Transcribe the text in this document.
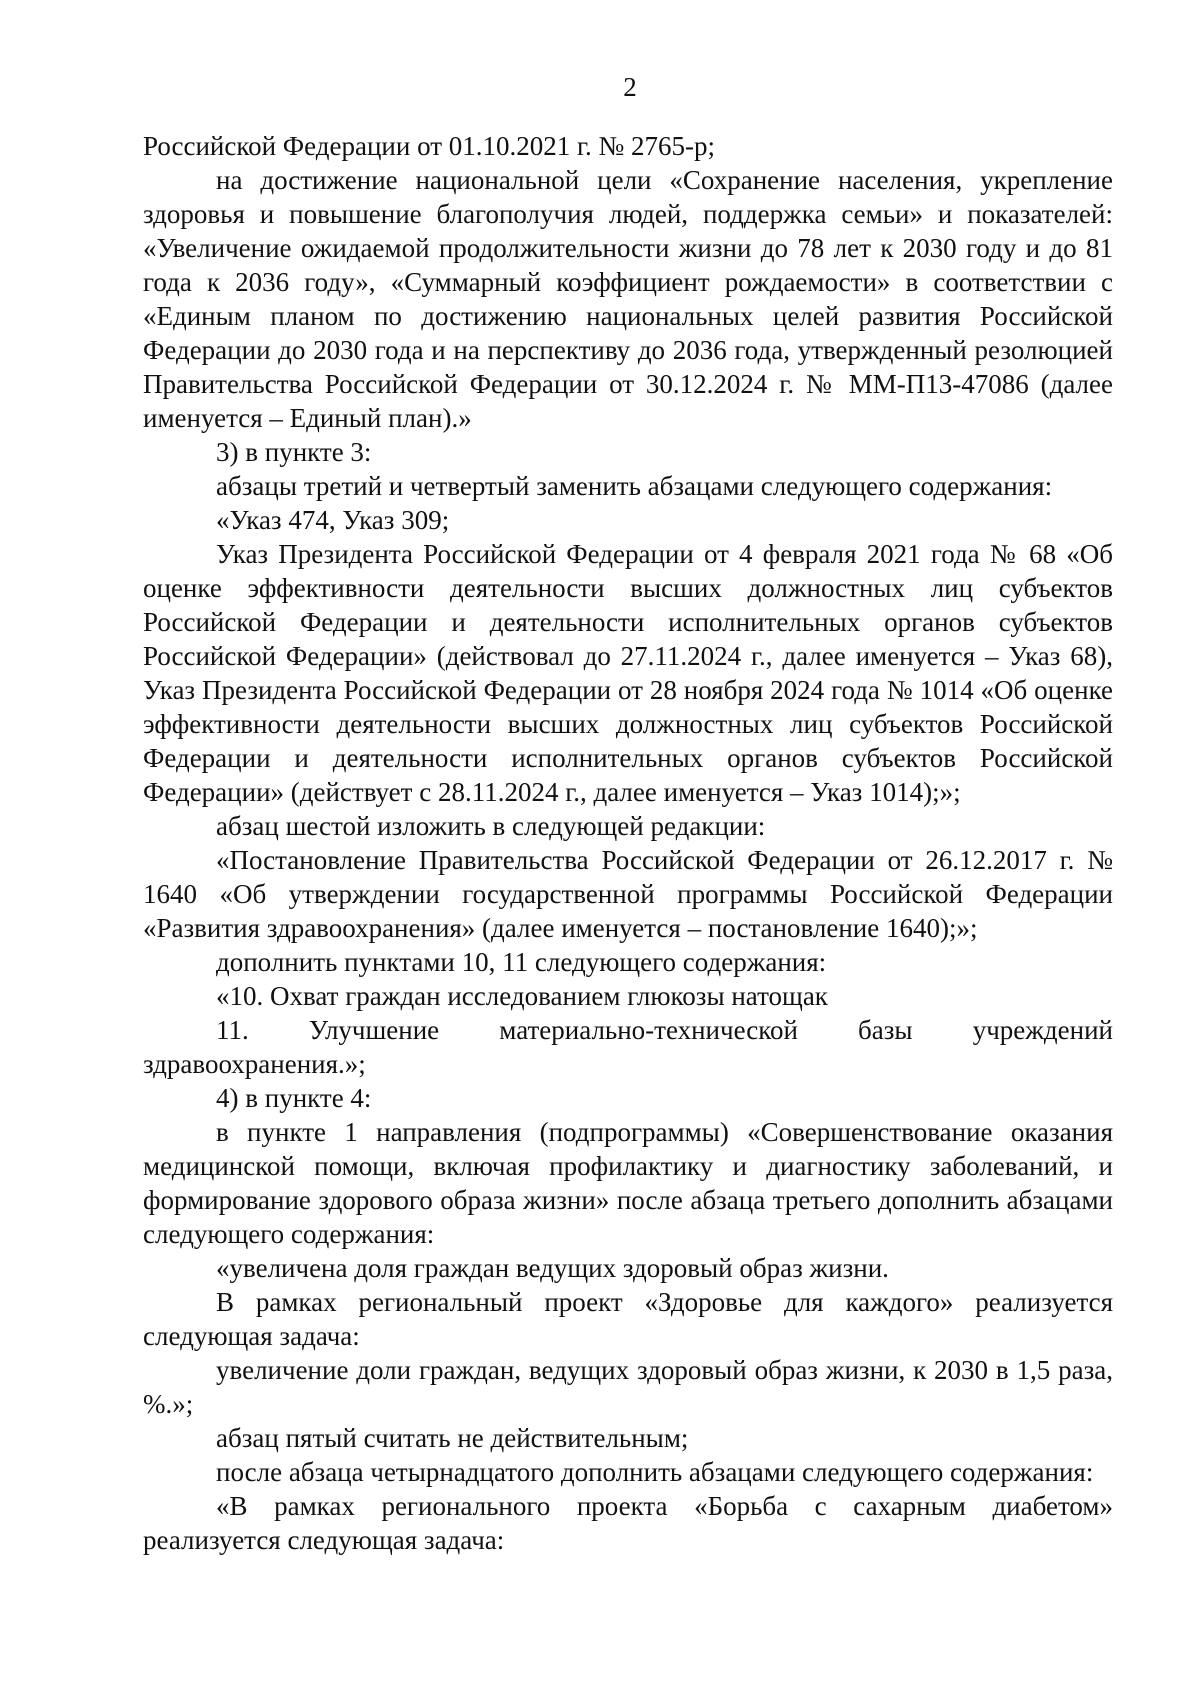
2

Российской Федерации от 01.10.2021 г. № 2765-р;

на достижение национальной цели «Сохранение населения, укрепление здоровья и повышение благополучия людей, поддержка семьи» и показателей: «Увеличение ожидаемой продолжительности жизни до 78 лет к 2030 году и до 81 года к 2036 году», «Суммарный коэффициент рождаемости» в соответствии с «Единым планом по достижению национальных целей развития Российской Федерации до 2030 года и на перспективу до 2036 года, утвержденный резолюцией Правительства Российской Федерации от 30.12.2024 г. № ММ-П13-47086 (далее именуется – Единый план).»

3) в пункте 3:

абзацы третий и четвертый заменить абзацами следующего содержания:

«Указ 474, Указ 309;

Указ Президента Российской Федерации от 4 февраля 2021 года № 68 «Об оценке эффективности деятельности высших должностных лиц субъектов Российской Федерации и деятельности исполнительных органов субъектов Российской Федерации» (действовал до 27.11.2024 г., далее именуется – Указ 68), Указ Президента Российской Федерации от 28 ноября 2024 года № 1014 «Об оценке эффективности деятельности высших должностных лиц субъектов Российской Федерации и деятельности исполнительных органов субъектов Российской Федерации» (действует с 28.11.2024 г., далее именуется – Указ 1014);»;

абзац шестой изложить в следующей редакции:

«Постановление Правительства Российской Федерации от 26.12.2017 г. № 1640 «Об утверждении государственной программы Российской Федерации «Развития здравоохранения» (далее именуется – постановление 1640);»;

дополнить пунктами 10, 11 следующего содержания:

«10. Охват граждан исследованием глюкозы натощак

11. Улучшение материально-технической базы учреждений здравоохранения.»;

4) в пункте 4:

в пункте 1 направления (подпрограммы) «Совершенствование оказания медицинской помощи, включая профилактику и диагностику заболеваний, и формирование здорового образа жизни» после абзаца третьего дополнить абзацами следующего содержания:

«увеличена доля граждан ведущих здоровый образ жизни.

В рамках региональный проект «Здоровье для каждого» реализуется следующая задача:

увеличение доли граждан, ведущих здоровый образ жизни, к 2030 в 1,5 раза, %.»;

абзац пятый считать не действительным;

после абзаца четырнадцатого дополнить абзацами следующего содержания:

«В рамках регионального проекта «Борьба с сахарным диабетом» реализуется следующая задача:
